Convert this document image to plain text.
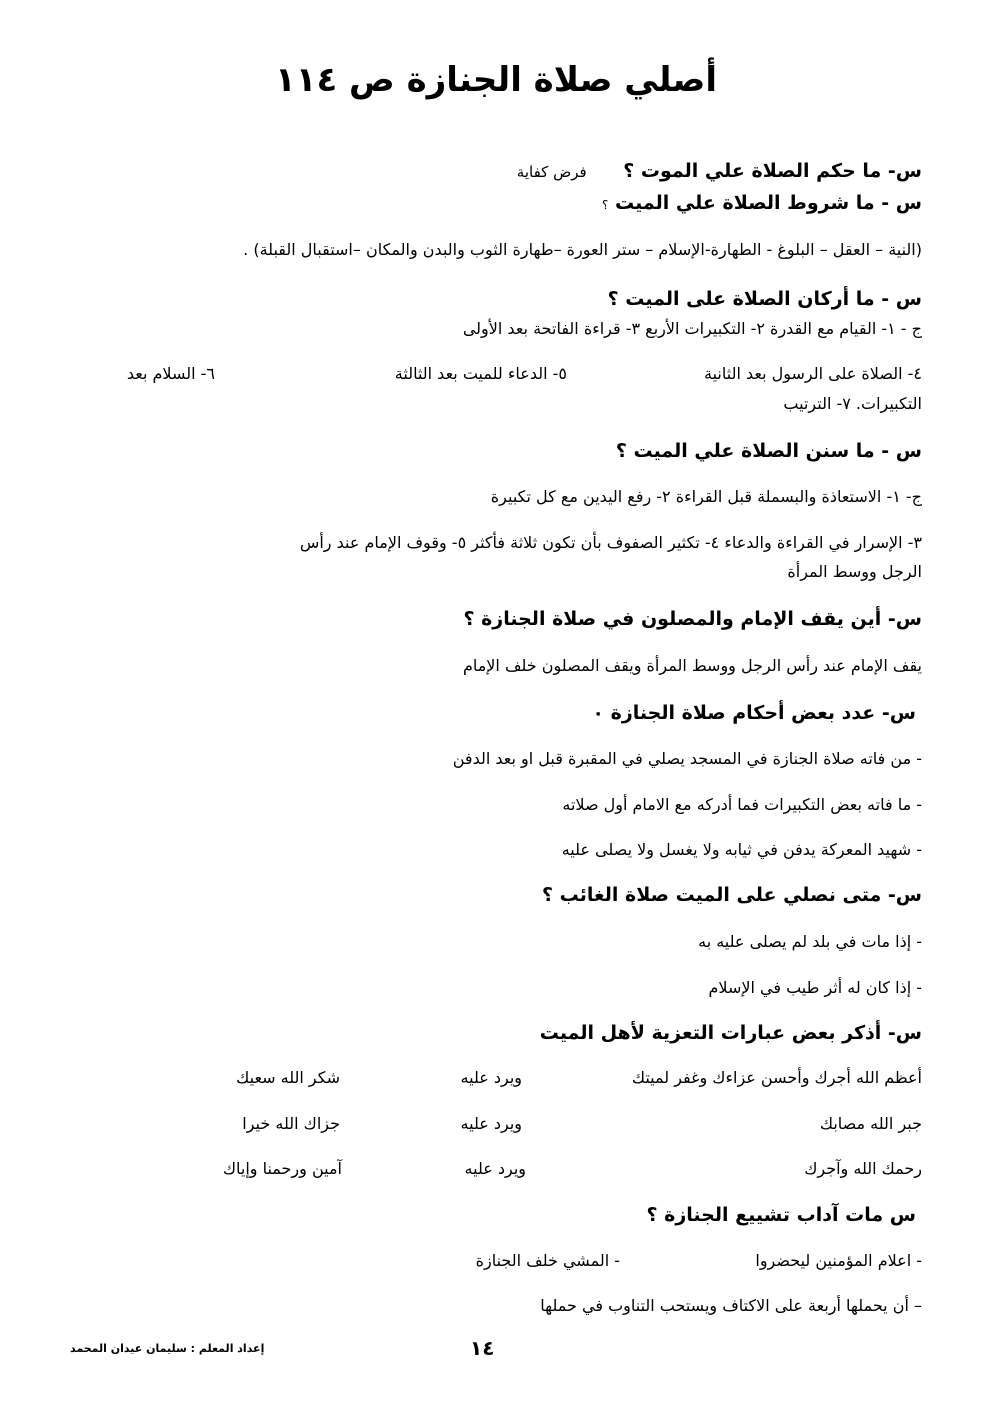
أصلي صلاة الجنازة ص ١١٤
س- ما حكم الصلاة علي الموت ؟ فرض كفاية
س - ما شروط الصلاة علي الميت ؟
(النية – العقل – البلوغ - الطهارة-الإسلام – ستر العورة –طهارة الثوب والبدن والمكان –استقبال القبلة) .
س - ما أركان الصلاة على الميت ؟
ج - ١- القيام مع القدرة ٢- التكبيرات الأربع ٣- قراءة الفاتحة بعد الأولى
٤- الصلاة على الرسول بعد الثانية
٥- الدعاء للميت بعد الثالثة
٦- السلام بعد
التكبيرات. ٧- الترتيب
س - ما سنن الصلاة علي الميت ؟
ج- ١- الاستعاذة والبسملة قبل القراءة ٢- رفع اليدين مع كل تكبيرة
٣- الإسرار في القراءة والدعاء ٤- تكثير الصفوف بأن تكون ثلاثة فأكثر ٥- وقوف الإمام عند رأس
الرجل ووسط المرأة
س- أين يقف الإمام والمصلون في صلاة الجنازة ؟
يقف الإمام عند رأس الرجل ووسط المرأة ويقف المصلون خلف الإمام
س- عدد بعض أحكام صلاة الجنازة ٠
- من فاته صلاة الجنازة في المسجد يصلي في المقبرة قبل او بعد الدفن
- ما فاته بعض التكبيرات فما أدركه مع الامام أول صلاته
- شهيد المعركة يدفن في ثيابه ولا يغسل ولا يصلى عليه
س- متى نصلي على الميت صلاة الغائب ؟
- إذا مات في بلد لم يصلى عليه به
- إذا كان له أثر طيب في الإسلام
س- أذكر بعض عبارات التعزية لأهل الميت
أعظم الله أجرك وأحسن عزاءك وغفر لميتك
ويرد عليه
شكر الله سعيك
جبر الله مصابك
ويرد عليه
جزاك الله خيرا
رحمك الله وآجرك
ويرد عليه
آمين ورحمنا وإياك
س مات آداب تشييع الجنازة ؟
- اعلام المؤمنين ليحضروا
- المشي خلف الجنازة
– أن يحملها أربعة على الاكتاف ويستحب التناوب في حملها
١٤
إعداد المعلم : سليمان عيدان المحمد
